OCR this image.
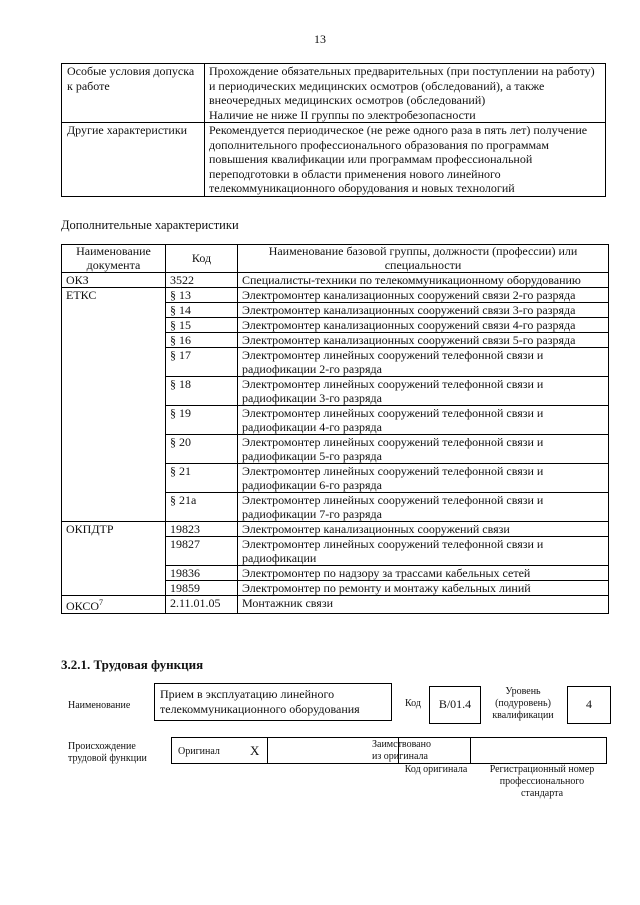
13
Особые условия допуска к работе	Прохождение обязательных предварительных (при поступлении на работу) и периодических медицинских осмотров (обследований), а также внеочередных медицинских осмотров (обследований)
Наличие не ниже II группы по электробезопасности

Другие характеристики	Рекомендуется периодическое (не реже одного раза в пять лет) получение дополнительного профессионального образования по программам повышения квалификации или программам профессиональной переподготовки в области применения нового линейного телекоммуникационного оборудования и новых технологий
Дополнительные характеристики
Наименование документа	Код	Наименование базовой группы, должности (профессии) или специальности
ОКЗ	3522	Специалисты-техники по телекоммуникационному оборудованию
ЕТКС	§ 13	Электромонтер канализационных сооружений связи 2-го разряда
	§ 14	Электромонтер канализационных сооружений связи 3-го разряда
	§ 15	Электромонтер канализационных сооружений связи 4-го разряда
	§ 16	Электромонтер канализационных сооружений связи 5-го разряда
	§ 17	Электромонтер линейных сооружений телефонной связи и радиофикации 2-го разряда
	§ 18	Электромонтер линейных сооружений телефонной связи и радиофикации 3-го разряда
	§ 19	Электромонтер линейных сооружений телефонной связи и радиофикации 4-го разряда
	§ 20	Электромонтер линейных сооружений телефонной связи и радиофикации 5-го разряда
	§ 21	Электромонтер линейных сооружений телефонной связи и радиофикации 6-го разряда
	§ 21а	Электромонтер линейных сооружений телефонной связи и радиофикации 7-го разряда
ОКПДТР	19823	Электромонтер канализационных сооружений связи
	19827	Электромонтер линейных сооружений телефонной связи и радиофикации
	19836	Электромонтер по надзору за трассами кабельных сетей
	19859	Электромонтер по ремонту и монтажу кабельных линий
ОКСО$^7$	2.11.01.05	Монтажник связи
3.2.1. Трудовая функция
Наименование
Прием в эксплуатацию линейного телекоммуникационного оборудования	Код	B/01.4
Уровень (подуровень) квалификации
4
Происхождение трудовой функции
Оригинал X	Заимствовано из оригинала
Код оригинала	Регистрационный номер профессионального стандарта
